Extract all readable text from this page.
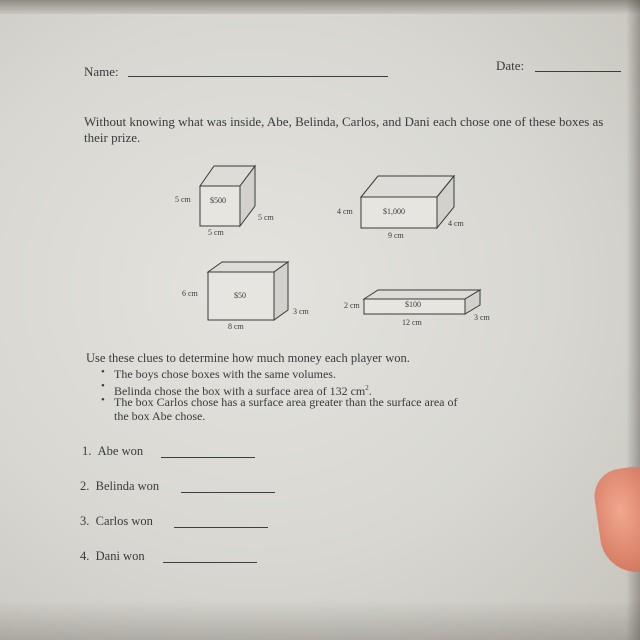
Name:	Date:
Without knowing what was inside, Abe, Belinda, Carlos, and Dani each chose one of these boxes as their prize.
$500
5 cm
5 cm
5 cm
$1,000
4 cm
4 cm
9 cm
$50
6 cm
3 cm
8 cm
$100
2 cm
3 cm
12 cm
Use these clues to determine how much money each player won.
• The boys chose boxes with the same volumes.
• Belinda chose the box with a surface area of 132 $cm^2$.
• The box Carlos chose has a surface area greater than the surface area of
the box Abe chose.
1. Abe won
2. Belinda won
3. Carlos won
4. Dani won
